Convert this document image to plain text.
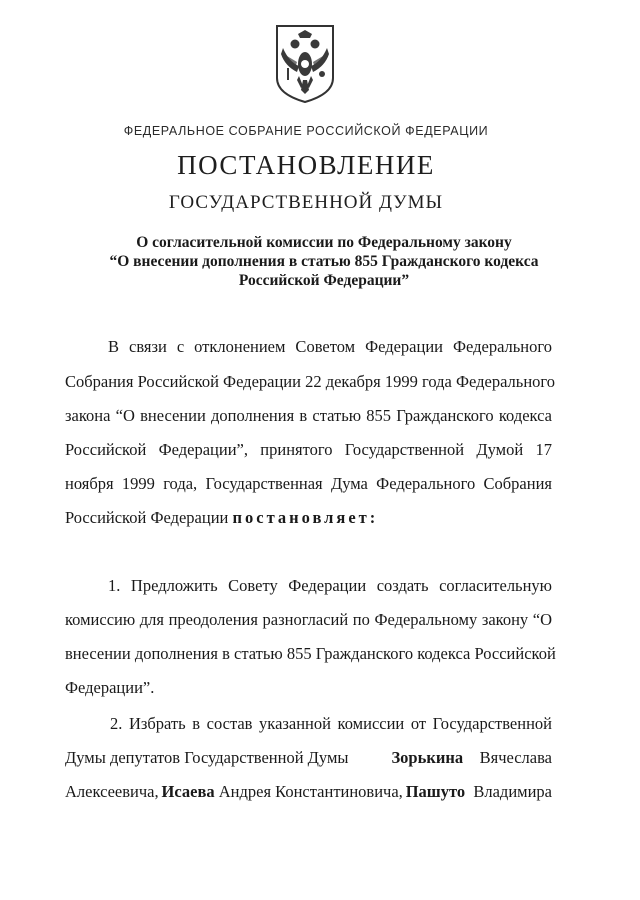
ФЕДЕРАЛЬНОЕ СОБРАНИЕ РОССИЙСКОЙ ФЕДЕРАЦИИ
ПОСТАНОВЛЕНИЕ
ГОСУДАРСТВЕННОЙ ДУМЫ
О согласительной комиссии по Федеральному закону
“О внесении дополнения в статью 855 Гражданского кодекса
Российской Федерации”
В связи с отклонением Советом Федерации Федерального
Собрания Российской Федерации 22 декабря 1999 года Федерального
закона “О внесении дополнения в статью 855 Гражданского кодекса
Российской Федерации”, принятого Государственной Думой 17
ноября 1999 года, Государственная Дума Федерального Собрания
Российской Федерации постановляет:
1. Предложить Совету Федерации создать согласительную
комиссию для преодоления разногласий по Федеральному закону “О
внесении дополнения в статью 855 Гражданского кодекса Российской
Федерации”.
2. Избрать в состав указанной комиссии от Государственной
Думы депутатов Государственной Думы	Зорькина Вячеслава
Алексеевича, Исаева Андрея Константиновича, Пашуто Владимира
